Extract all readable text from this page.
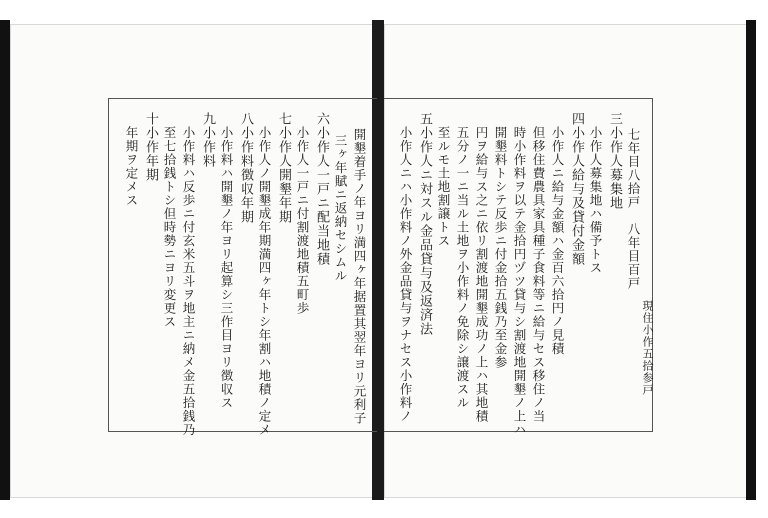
開墾着手ノ年ヨリ満四ヶ年据置其翌年ヨリ元利子
三ヶ年賦ニ返納セシムル
六小作人一戸ニ配当地積
小作人一戸ニ付割渡地積五町歩
七小作人開墾年期
小作人ノ開墾成年期満四ヶ年トシ年割ハ地積ノ定メ
八小作料徴収年期
小作料ハ開墾ノ年ヨリ起算シ三作目ヨリ徴収ス
九小作料
小作料ハ反歩ニ付玄米五斗ヲ地主ニ納メ金五拾銭乃
至七拾銭トシ但時勢ニヨリ変更ス
十小作年期
年期ヲ定メス	七年目八拾戸　八年目百戸
三小作人募集地
小作人募集地ハ備予トス
四小作人給与及貸付金額
小作人ニ給与金額ハ金百六拾円ノ見積
但移住費農具家具種子食料等ニ給与セス移住ノ当
時小作料ヲ以テ金拾円ヅツ貸与シ割渡地開墾ノ上ハ
開墾料トシテ反歩ニ付金拾五銭乃至金参
円ヲ給与ス之ニ依リ割渡地開墾成功ノ上ハ其地積
五分ノ一ニ当ル土地ヲ小作料ノ免除シ譲渡スル
至ルモ土地割譲トス
五小作人ニ対スル金品貸与及返済法
小作人ニハ小作料ノ外金品貸与ヲナセス小作料ノ	現住小作五拾参戸
